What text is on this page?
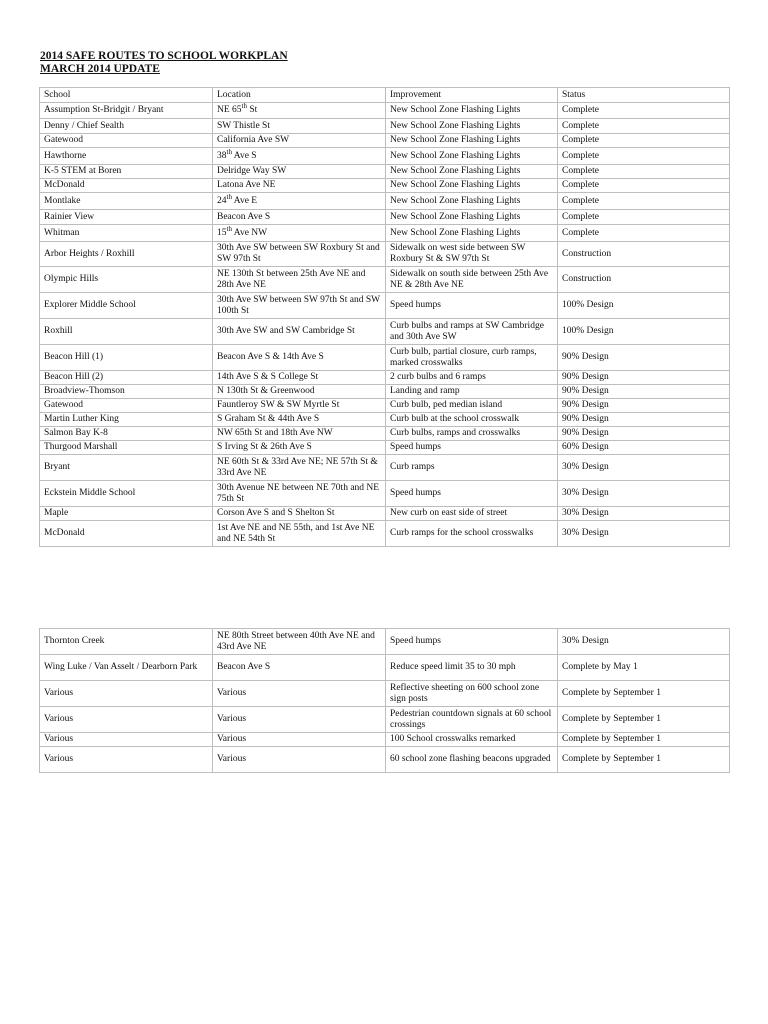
2014 SAFE ROUTES TO SCHOOL WORKPLAN
MARCH 2014 UPDATE
School	Location	Improvement	Status
Assumption St-Bridgit / Bryant	NE 65th St	New School Zone Flashing Lights	Complete
Denny / Chief Sealth	SW Thistle St	New School Zone Flashing Lights	Complete
Gatewood	California Ave SW	New School Zone Flashing Lights	Complete
Hawthorne	38th Ave S	New School Zone Flashing Lights	Complete
K-5 STEM at Boren	Delridge Way SW	New School Zone Flashing Lights	Complete
McDonald	Latona Ave NE	New School Zone Flashing Lights	Complete
Montlake	24th Ave E	New School Zone Flashing Lights	Complete
Rainier View	Beacon Ave S	New School Zone Flashing Lights	Complete
Whitman	15th Ave NW	New School Zone Flashing Lights	Complete
Arbor Heights / Roxhill	30th Ave SW between SW Roxbury St and SW 97th St	Sidewalk on west side between SW Roxbury St & SW 97th St	Construction
Olympic Hills	NE 130th St between 25th Ave NE and 28th Ave NE	Sidewalk on south side between 25th Ave NE & 28th Ave NE	Construction
Explorer Middle School	30th Ave SW between SW 97th St and SW 100th St	Speed humps	100% Design
Roxhill	30th Ave SW and SW Cambridge St	Curb bulbs and ramps at SW Cambridge and 30th Ave SW	100% Design
Beacon Hill (1)	Beacon Ave S & 14th Ave S	Curb bulb, partial closure, curb ramps, marked crosswalks	90% Design
Beacon Hill (2)	14th Ave S & S College St	2 curb bulbs and 6 ramps	90% Design
Broadview-Thomson	N 130th St & Greenwood	Landing and ramp	90% Design
Gatewood	Fauntleroy SW & SW Myrtle St	Curb bulb, ped median island	90% Design
Martin Luther King	S Graham St & 44th Ave S	Curb bulb at the school crosswalk	90% Design
Salmon Bay K-8	NW 65th St and 18th Ave NW	Curb bulbs, ramps and crosswalks	90% Design
Thurgood Marshall	S Irving St & 26th Ave S	Speed humps	60% Design
Bryant	NE 60th St & 33rd Ave NE; NE 57th St & 33rd Ave NE	Curb ramps	30% Design
Eckstein Middle School	30th Avenue NE between NE 70th and NE 75th St	Speed humps	30% Design
Maple	Corson Ave S and S Shelton St	New curb on east side of street	30% Design
McDonald	1st Ave NE and NE 55th, and 1st Ave NE and NE 54th St	Curb ramps for the school crosswalks	30% Design
Thornton Creek	NE 80th Street between 40th Ave NE and 43rd Ave NE	Speed humps	30% Design
Wing Luke / Van Asselt / Dearborn Park	Beacon Ave S	Reduce speed limit 35 to 30 mph	Complete by May 1
Various	Various	Reflective sheeting on 600 school zone sign posts	Complete by September 1
Various	Various	Pedestrian countdown signals at 60 school crossings	Complete by September 1
Various	Various	100 School crosswalks remarked	Complete by September 1
Various	Various	60 school zone flashing beacons upgraded	Complete by September 1
